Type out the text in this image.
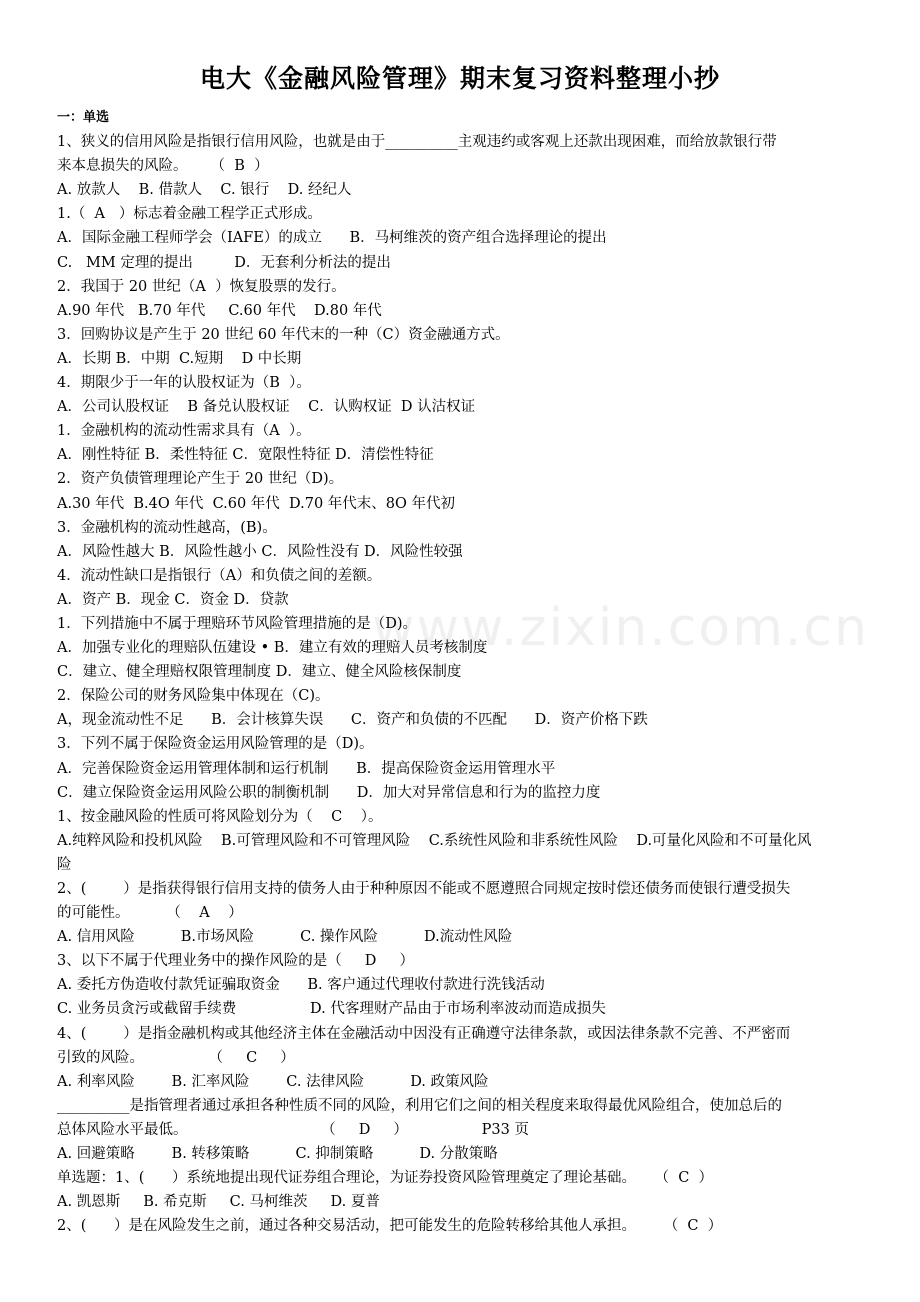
电大《金融风险管理》期末复习资料整理小抄
www.zixin.com.cn
一：单选
1、狭义的信用风险是指银行信用风险，也就是由于__________主观违约或客观上还款出现困难，而给放款银行带
来本息损失的风险。     （  B  ）
A. 放款人    B. 借款人    C. 银行    D. 经纪人
1.（  A   ）标志着金融工程学正式形成。
A．国际金融工程师学会（IAFE）的成立      B．马柯维茨的资产组合选择理论的提出
C.   MM 定理的提出         D．无套利分析法的提出
2．我国于 20 世纪（A  ）恢复股票的发行。
A.90 年代   B.70 年代     C.60 年代    D.80 年代
3．回购协议是产生于 20 世纪 60 年代末的一种（C）资金融通方式。
A．长期 B．中期  C.短期    D 中长期
4．期限少于一年的认股权证为（B  ）。
A．公司认股权证    B 备兑认股权证    C．认购权证  D 认沽权证
1．金融机构的流动性需求具有（A  ）。
A．刚性特征 B．柔性特征 C．宽限性特征 D．清偿性特征
2．资产负债管理理论产生于 20 世纪（D)。
A.30 年代  B.4O 年代  C.60 年代  D.70 年代末、8O 年代初
3．金融机构的流动性越高，(B)。
A．风险性越大 B．风险性越小 C．风险性没有 D．风险性较强
4．流动性缺口是指银行（A）和负债之间的差额。
A．资产 B．现金 C．资金 D．贷款
1．下列措施中不属于理赔环节风险管理措施的是（D)。
A．加强专业化的理赔队伍建设 • B．建立有效的理赔人员考核制度
C．建立、健全理赔权限管理制度 D．建立、健全风险核保制度
2．保险公司的财务风险集中体现在（C)。
A，现金流动性不足      B．会计核算失误      C．资产和负债的不匹配      D．资产价格下跌
3．下列不属于保险资金运用风险管理的是（D)。
A．完善保险资金运用管理体制和运行机制      B．提高保险资金运用管理水平
C．建立保险资金运用风险公职的制衡机制      D．加大对异常信息和行为的监控力度
1、按金融风险的性质可将风险划分为（    C    ）。
A.纯粹风险和投机风险    B.可管理风险和不可管理风险    C.系统性风险和非系统性风险    D.可量化风险和不可量化风
险
2、(        ）是指获得银行信用支持的债务人由于种种原因不能或不愿遵照合同规定按时偿还债务而使银行遭受损失
的可能性。        （    A    ）
A. 信用风险          B.市场风险          C. 操作风险          D.流动性风险
3、以下不属于代理业务中的操作风险的是（     D     ）
A. 委托方伪造收付款凭证骗取资金      B. 客户通过代理收付款进行洗钱活动
C. 业务员贪污或截留手续费                D. 代客理财产品由于市场利率波动而造成损失
4、(        ）是指金融机构或其他经济主体在金融活动中因没有正确遵守法律条款，或因法律条款不完善、不严密而
引致的风险。              （     C     ）
A. 利率风险        B. 汇率风险        C. 法律风险          D. 政策风险
__________是指管理者通过承担各种性质不同的风险，利用它们之间的相关程度来取得最优风险组合，使加总后的
总体风险水平最低。                             （     D     ）                P33 页
A. 回避策略        B. 转移策略          C. 抑制策略          D. 分散策略
单选题：1、(      ）系统地提出现代证券组合理论，为证券投资风险管理奠定了理论基础。    （  C  ）
A. 凯恩斯     B. 希克斯     C. 马柯维茨     D. 夏普
2、(      ）是在风险发生之前，通过各种交易活动，把可能发生的危险转移给其他人承担。      （  C  ）
